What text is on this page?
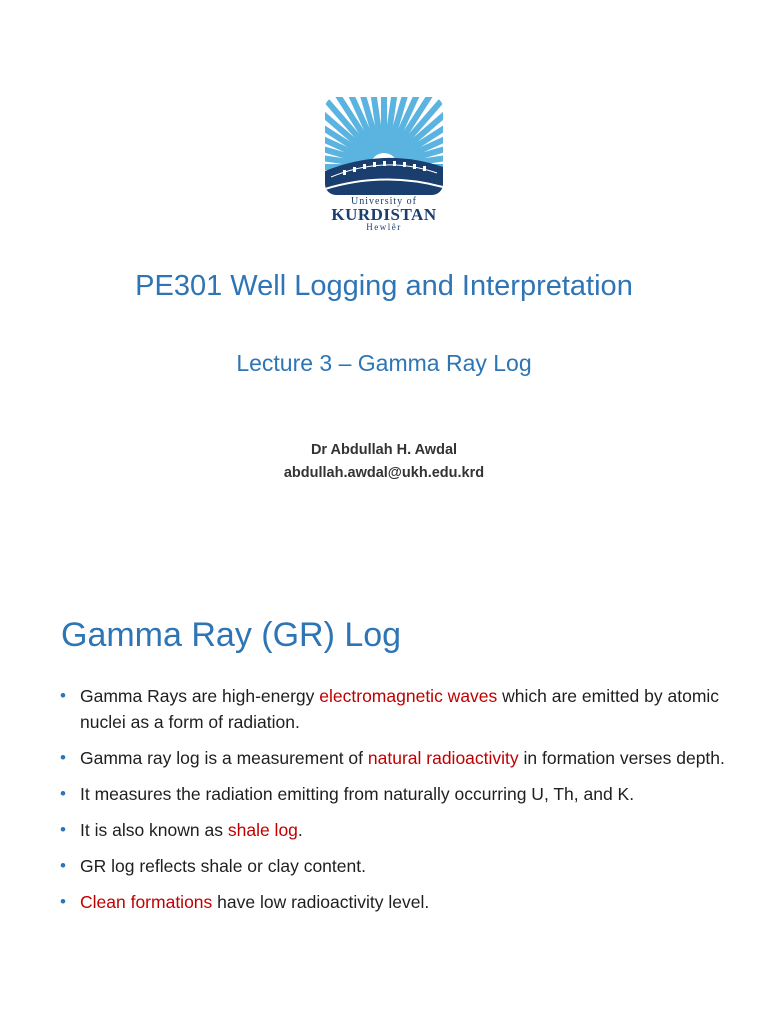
University of
KURDISTAN
Hewlêr
PE301 Well Logging and Interpretation
Lecture 3 – Gamma Ray Log
Dr Abdullah H. Awdal
abdullah.awdal@ukh.edu.krd
Gamma Ray (GR) Log
• Gamma Rays are high-energy electromagnetic waves which are emitted by atomic nuclei as a form of radiation.
• Gamma ray log is a measurement of natural radioactivity in formation verses depth.
• It measures the radiation emitting from naturally occurring U, Th, and K.
• It is also known as shale log.
• GR log reflects shale or clay content.
• Clean formations have low radioactivity level.
